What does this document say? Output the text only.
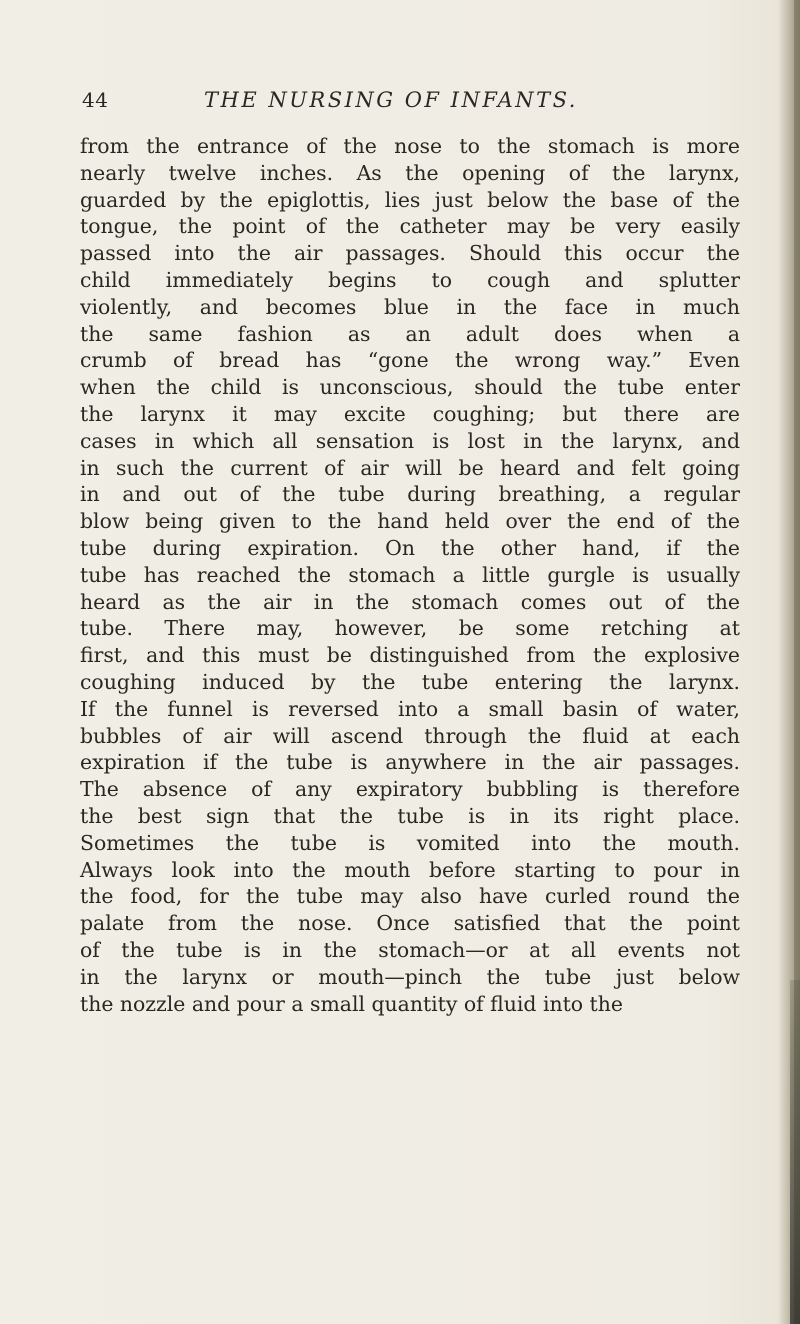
44	THE NURSING OF INFANTS.
from the entrance of the nose to the stomach is more
nearly twelve inches. As the opening of the larynx,
guarded by the epiglottis, lies just below the base of the
tongue, the point of the catheter may be very easily
passed into the air passages. Should this occur the
child immediately begins to cough and splutter
violently, and becomes blue in the face in much
the same fashion as an adult does when a
crumb of bread has “gone the wrong way.” Even
when the child is unconscious, should the tube enter
the larynx it may excite coughing; but there are
cases in which all sensation is lost in the larynx, and
in such the current of air will be heard and felt going
in and out of the tube during breathing, a regular
blow being given to the hand held over the end of the
tube during expiration. On the other hand, if the
tube has reached the stomach a little gurgle is usually
heard as the air in the stomach comes out of the
tube. There may, however, be some retching at
first, and this must be distinguished from the explosive
coughing induced by the tube entering the larynx.
If the funnel is reversed into a small basin of water,
bubbles of air will ascend through the fluid at each
expiration if the tube is anywhere in the air passages.
The absence of any expiratory bubbling is therefore
the best sign that the tube is in its right place.
Sometimes the tube is vomited into the mouth.
Always look into the mouth before starting to pour in
the food, for the tube may also have curled round the
palate from the nose. Once satisfied that the point
of the tube is in the stomach—or at all events not
in the larynx or mouth—pinch the tube just below
the nozzle and pour a small quantity of fluid into the
